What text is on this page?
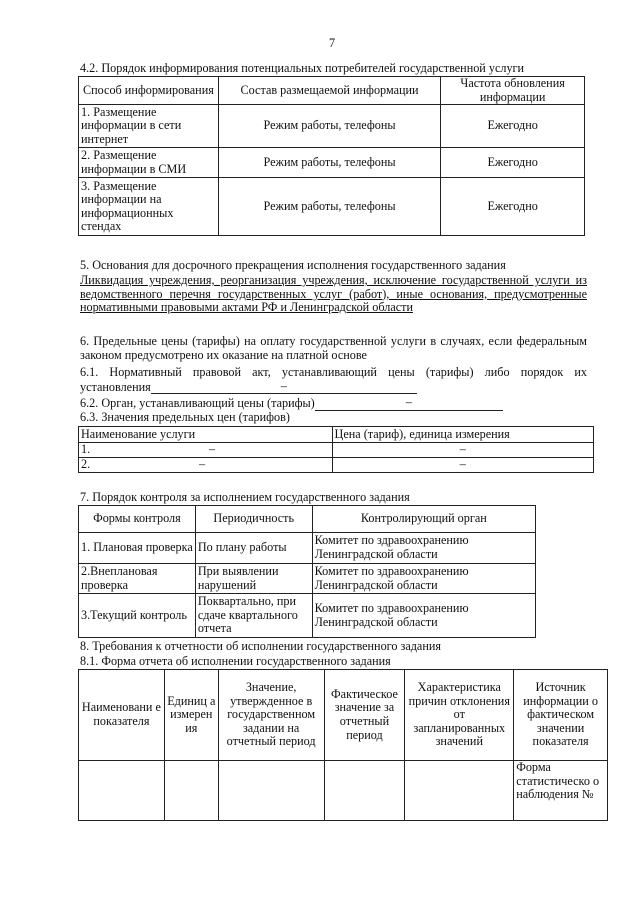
7
4.2. Порядок информирования потенциальных потребителей государственной услуги
Способ информирования	Состав размещаемой информации	Частота обновления информации
1. Размещение информации в сети интернет	Режим работы, телефоны	Ежегодно
2. Размещение информации в СМИ	Режим работы, телефоны	Ежегодно
3. Размещение информации на информационных стендах	Режим работы, телефоны	Ежегодно
5. Основания для досрочного прекращения исполнения государственного задания
Ликвидация учреждения, реорганизация учреждения, исключение государственной услуги из ведомственного перечня государственных услуг (работ), иные основания, предусмотренные нормативными правовыми актами РФ и Ленинградской области
6. Предельные цены (тарифы) на оплату государственной услуги в случаях, если федеральным законом предусмотрено их оказание на платной основе
6.1. Нормативный правовой акт, устанавливающий цены (тарифы) либо порядок их установления	–
6.2. Орган, устанавливающий цены (тарифы)	–
6.3. Значения предельных цен (тарифов)
Наименование услуги	Цена (тариф), единица измерения
1. –	–
2. –	–
7. Порядок контроля за исполнением государственного задания
Формы контроля	Периодичность	Контролирующий орган
1. Плановая проверка	По плану работы	Комитет по здравоохранению Ленинградской области
2.Внеплановая проверка	При выявлении нарушений	Комитет по здравоохранению Ленинградской области
3.Текущий контроль	Поквартально, при сдаче квартального отчета	Комитет по здравоохранению Ленинградской области
8. Требования к отчетности об исполнении государственного задания
8.1. Форма отчета об исполнении государственного задания
Наименовани е показателя	Единиц а измерен ия	Значение, утвержденное в государственном задании на отчетный период	Фактическое значение за отчетный период	Характеристика причин отклонения от запланированных значений	Источник информации о фактическом значении показателя
					Форма статистическо о наблюдения №
